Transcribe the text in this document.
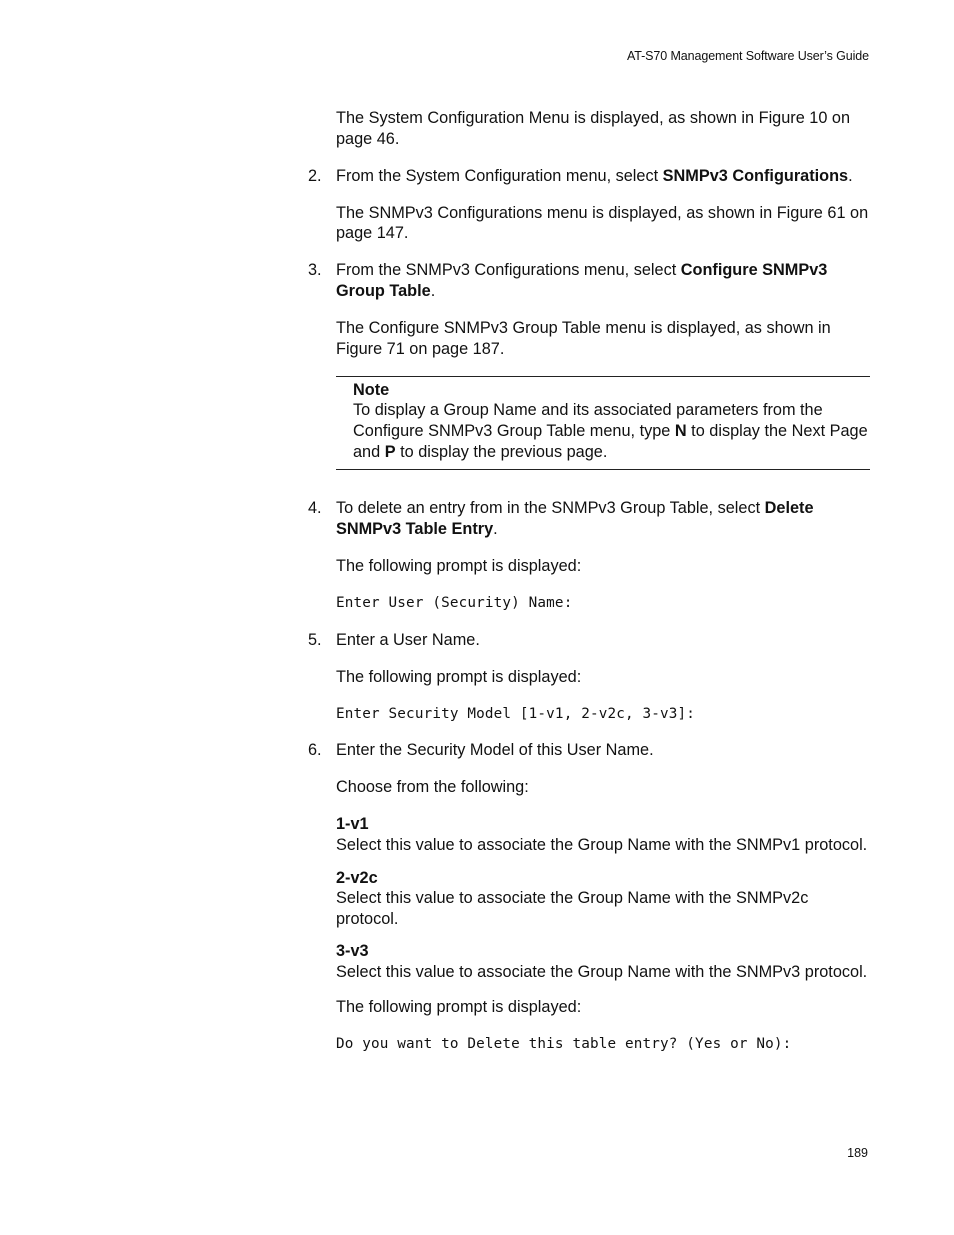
AT-S70 Management Software User’s Guide

The System Configuration Menu is displayed, as shown in Figure 10 on page 46.

2. From the System Configuration menu, select SNMPv3 Configurations.

The SNMPv3 Configurations menu is displayed, as shown in Figure 61 on page 147.

3. From the SNMPv3 Configurations menu, select Configure SNMPv3 Group Table.

The Configure SNMPv3 Group Table menu is displayed, as shown in Figure 71 on page 187.

Note

To display a Group Name and its associated parameters from the Configure SNMPv3 Group Table menu, type N to display the Next Page and P to display the previous page.

4. To delete an entry from in the SNMPv3 Group Table, select Delete SNMPv3 Table Entry.

The following prompt is displayed:

Enter User (Security) Name:
5. Enter a User Name.

The following prompt is displayed:

Enter Security Model [1-v1, 2-v2c, 3-v3]:
6. Enter the Security Model of this User Name.

Choose from the following:

1-v1

Select this value to associate the Group Name with the SNMPv1 protocol.

2-v2c

Select this value to associate the Group Name with the SNMPv2c protocol.

3-v3

Select this value to associate the Group Name with the SNMPv3 protocol.

The following prompt is displayed:

Do you want to Delete this table entry? (Yes or No):
189
